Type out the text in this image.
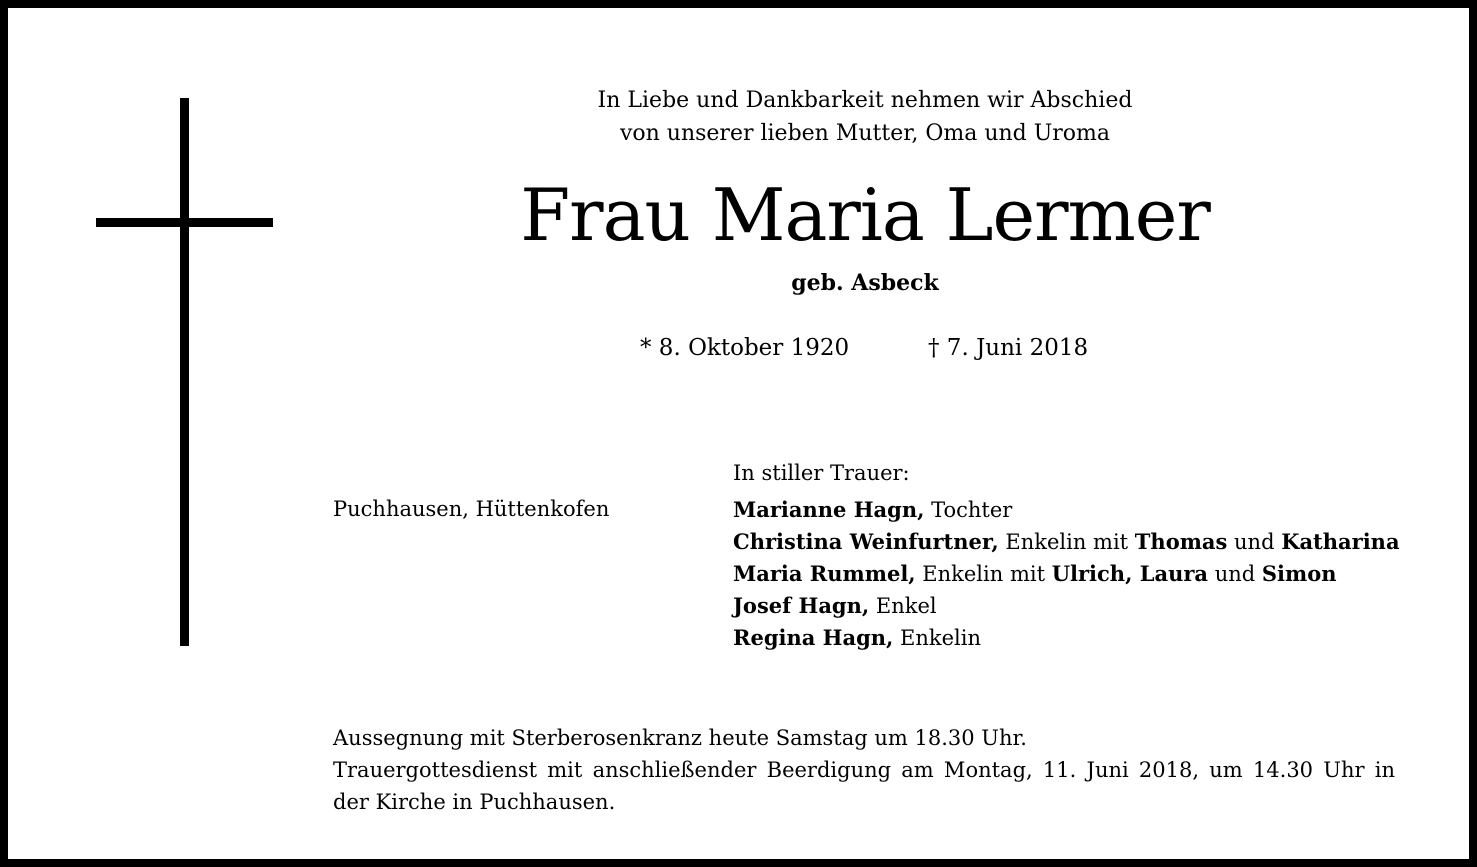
In Liebe und Dankbarkeit nehmen wir Abschied
von unserer lieben Mutter, Oma und Uroma
Frau Maria Lermer
geb. Asbeck
* 8. Oktober 1920	† 7. Juni 2018
Puchhausen, Hüttenkofen
In stiller Trauer:
Marianne Hagn, Tochter
Christina Weinfurtner, Enkelin mit Thomas und Katharina
Maria Rummel, Enkelin mit Ulrich, Laura und Simon
Josef Hagn, Enkel
Regina Hagn, Enkelin
Aussegnung mit Sterberosenkranz heute Samstag um 18.30 Uhr.
Trauergottesdienst mit anschließender Beerdigung am Montag, 11. Juni 2018, um 14.30 Uhr in
der Kirche in Puchhausen.
